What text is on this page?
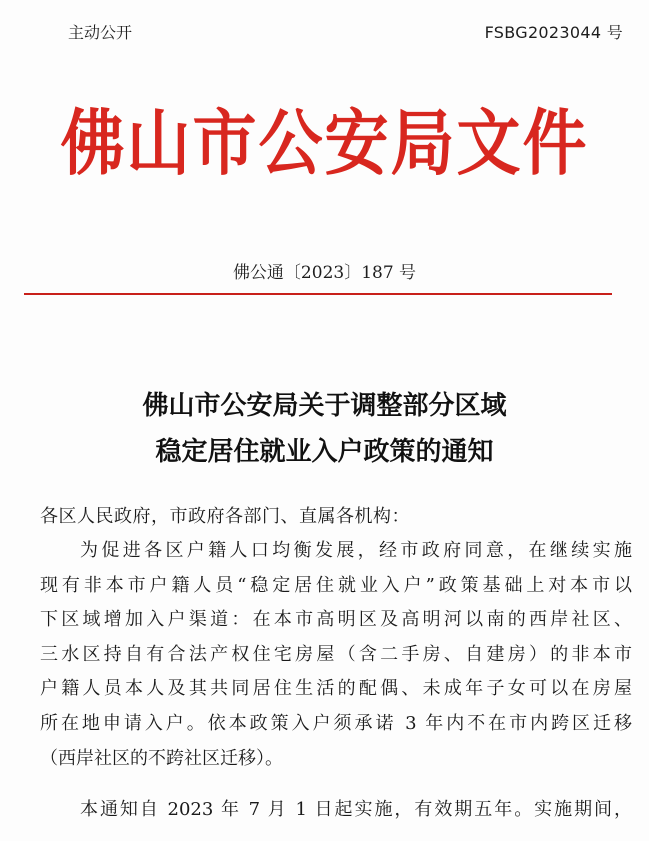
主动公开	FSBG2023044 号
佛山市公安局文件
佛公通〔2023〕187 号
佛山市公安局关于调整部分区域
稳定居住就业入户政策的通知
各区人民政府，市政府各部门、直属各机构：
为促进各区户籍人口均衡发展，经市政府同意，在继续实施
现有非本市户籍人员“稳定居住就业入户”政策基础上对本市以
下区域增加入户渠道：在本市高明区及高明河以南的西岸社区、
三水区持自有合法产权住宅房屋（含二手房、自建房）的非本市
户籍人员本人及其共同居住生活的配偶、未成年子女可以在房屋
所在地申请入户。依本政策入户须承诺 3 年内不在市内跨区迁移
（西岸社区的不跨社区迁移）。
本通知自 2023 年 7 月 1 日起实施，有效期五年。实施期间，
